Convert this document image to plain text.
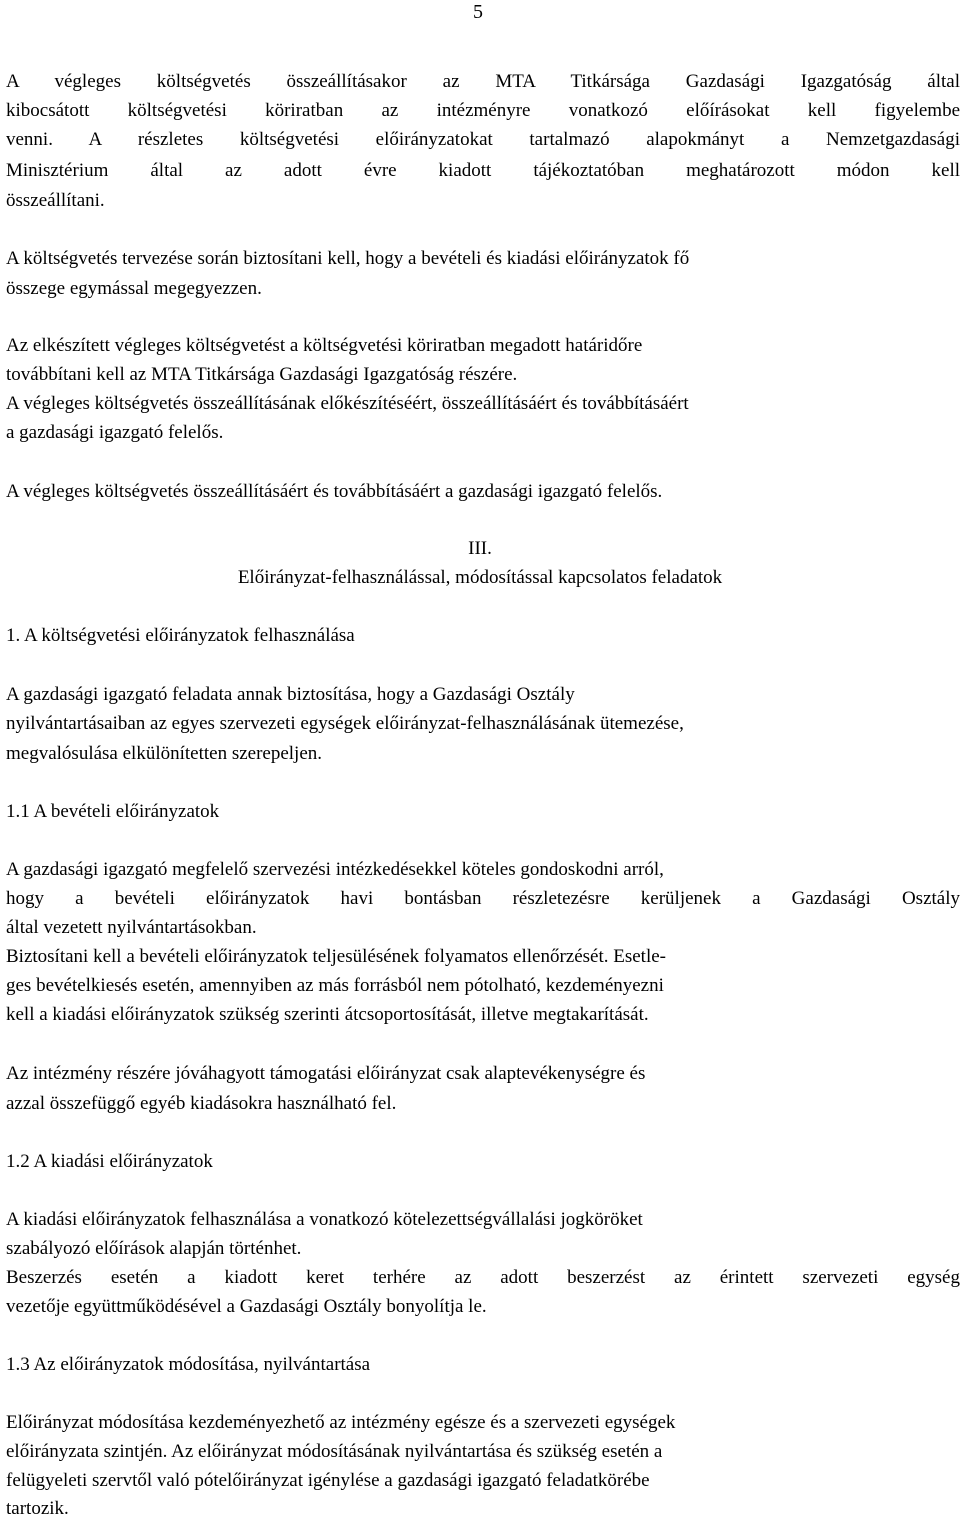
5
A végleges költségvetés összeállításakor az MTA Titkársága Gazdasági Igazgatóság által
kibocsátott költségvetési köriratban az intézményre vonatkozó előírásokat kell figyelembe
venni. A részletes költségvetési előirányzatokat tartalmazó alapokmányt a Nemzetgazdasági
Minisztérium által az adott évre kiadott tájékoztatóban meghatározott módon kell
összeállítani.
A költségvetés tervezése során biztosítani kell, hogy a bevételi és kiadási előirányzatok fő
összege egymással megegyezzen.
Az elkészített végleges költségvetést a költségvetési köriratban megadott határidőre
továbbítani kell az MTA Titkársága Gazdasági Igazgatóság részére.
A végleges költségvetés összeállításának előkészítéséért, összeállításáért és továbbításáért
a gazdasági igazgató felelős.
A végleges költségvetés összeállításáért és továbbításáért a gazdasági igazgató felelős.
III.
Előirányzat-felhasználással, módosítással kapcsolatos feladatok
1. A költségvetési előirányzatok felhasználása
A gazdasági igazgató feladata annak biztosítása, hogy a Gazdasági Osztály
nyilvántartásaiban az egyes szervezeti egységek előirányzat-felhasználásának ütemezése,
megvalósulása elkülönítetten szerepeljen.
1.1 A bevételi előirányzatok
A gazdasági igazgató megfelelő szervezési intézkedésekkel köteles gondoskodni arról,
hogy a bevételi előirányzatok havi bontásban részletezésre kerüljenek a Gazdasági Osztály
által vezetett nyilvántartásokban.
Biztosítani kell a bevételi előirányzatok teljesülésének folyamatos ellenőrzését. Esetle-
ges bevételkiesés esetén, amennyiben az más forrásból nem pótolható, kezdeményezni
kell a kiadási előirányzatok szükség szerinti átcsoportosítását, illetve megtakarítását.
Az intézmény részére jóváhagyott támogatási előirányzat csak alaptevékenységre és
azzal összefüggő egyéb kiadásokra használható fel.
1.2 A kiadási előirányzatok
A kiadási előirányzatok felhasználása a vonatkozó kötelezettségvállalási jogköröket
szabályozó előírások alapján történhet.
Beszerzés esetén a kiadott keret terhére az adott beszerzést az érintett szervezeti egység
vezetője együttműködésével a Gazdasági Osztály bonyolítja le.
1.3 Az előirányzatok módosítása, nyilvántartása
Előirányzat módosítása kezdeményezhető az intézmény egésze és a szervezeti egységek
előirányzata szintjén. Az előirányzat módosításának nyilvántartása és szükség esetén a
felügyeleti szervtől való pótelőirányzat igénylése a gazdasági igazgató feladatkörébe
tartozik.
